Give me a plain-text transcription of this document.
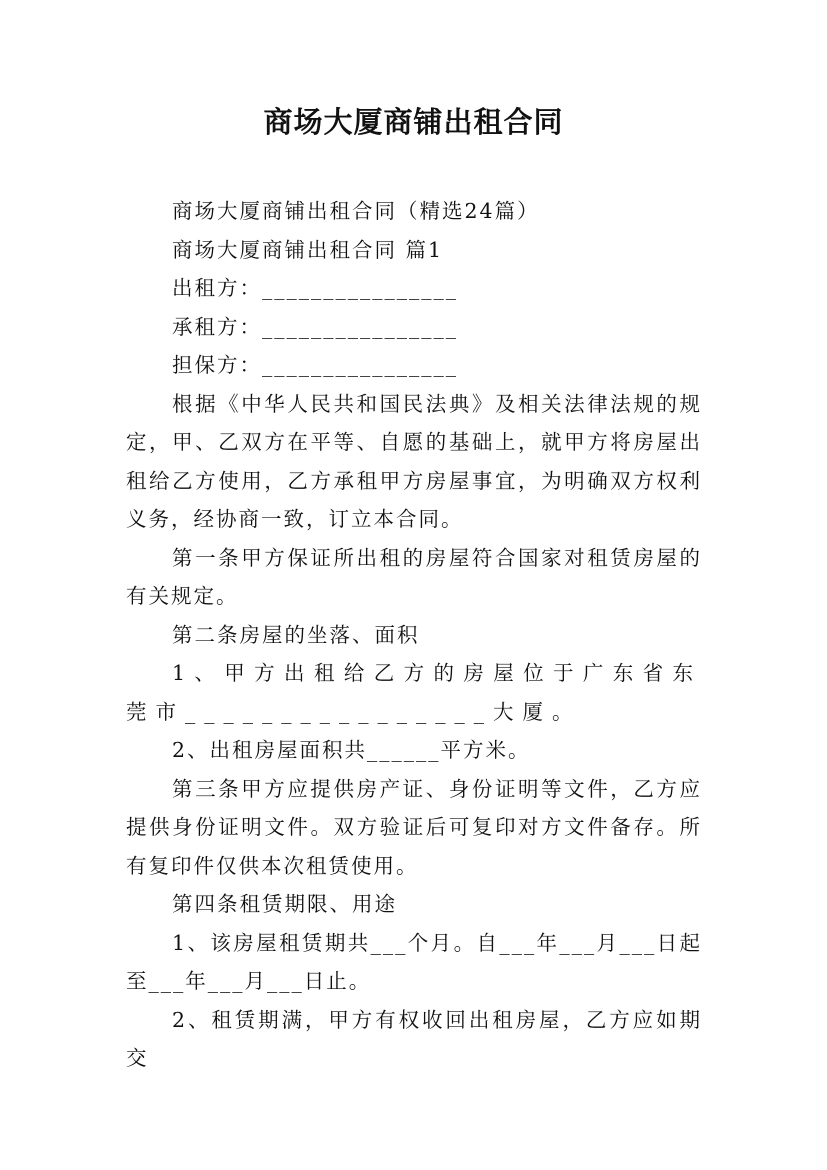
商场大厦商铺出租合同

商场大厦商铺出租合同（精选24篇）

商场大厦商铺出租合同 篇1

出租方：________________

承租方：________________

担保方：________________

根据《中华人民共和国民法典》及相关法律法规的规定，甲、乙双方在平等、自愿的基础上，就甲方将房屋出租给乙方使用，乙方承租甲方房屋事宜，为明确双方权利义务，经协商一致，订立本合同。

第一条甲方保证所出租的房屋符合国家对租赁房屋的有关规定。

第二条房屋的坐落、面积

1、甲方出租给乙方的房屋位于广东省东莞市________________大厦。

2、出租房屋面积共______平方米。

第三条甲方应提供房产证、身份证明等文件，乙方应提供身份证明文件。双方验证后可复印对方文件备存。所有复印件仅供本次租赁使用。

第四条租赁期限、用途

1、该房屋租赁期共___个月。自___年___月___日起至___年___月___日止。

2、租赁期满，甲方有权收回出租房屋，乙方应如期交
